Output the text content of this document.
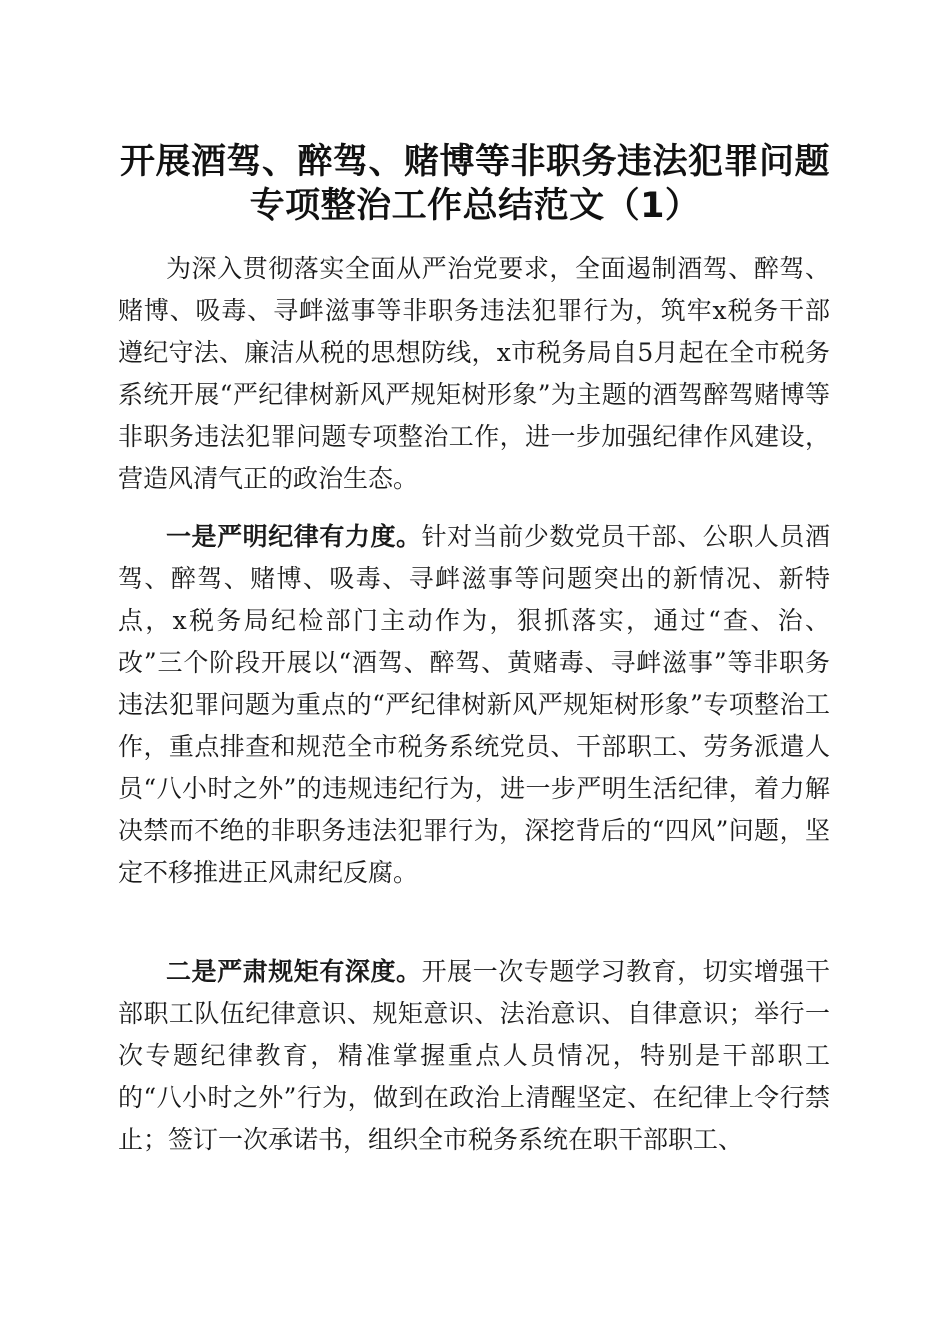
开展酒驾、醉驾、赌博等非职务违法犯罪问题
专项整治工作总结范文（1）

为深入贯彻落实全面从严治党要求，全面遏制酒驾、醉驾、赌博、吸毒、寻衅滋事等非职务违法犯罪行为，筑牢x税务干部遵纪守法、廉洁从税的思想防线，x市税务局自5月起在全市税务系统开展“严纪律树新风严规矩树形象”为主题的酒驾醉驾赌博等非职务违法犯罪问题专项整治工作，进一步加强纪律作风建设，营造风清气正的政治生态。

一是严明纪律有力度。针对当前少数党员干部、公职人员酒驾、醉驾、赌博、吸毒、寻衅滋事等问题突出的新情况、新特点，x税务局纪检部门主动作为，狠抓落实，通过“查、治、改”三个阶段开展以“酒驾、醉驾、黄赌毒、寻衅滋事”等非职务违法犯罪问题为重点的“严纪律树新风严规矩树形象”专项整治工作，重点排查和规范全市税务系统党员、干部职工、劳务派遣人员“八小时之外”的违规违纪行为，进一步严明生活纪律，着力解决禁而不绝的非职务违法犯罪行为，深挖背后的“四风”问题，坚定不移推进正风肃纪反腐。

二是严肃规矩有深度。开展一次专题学习教育，切实增强干部职工队伍纪律意识、规矩意识、法治意识、自律意识；举行一次专题纪律教育，精准掌握重点人员情况，特别是干部职工的“八小时之外”行为，做到在政治上清醒坚定、在纪律上令行禁止；签订一次承诺书，组织全市税务系统在职干部职工、
